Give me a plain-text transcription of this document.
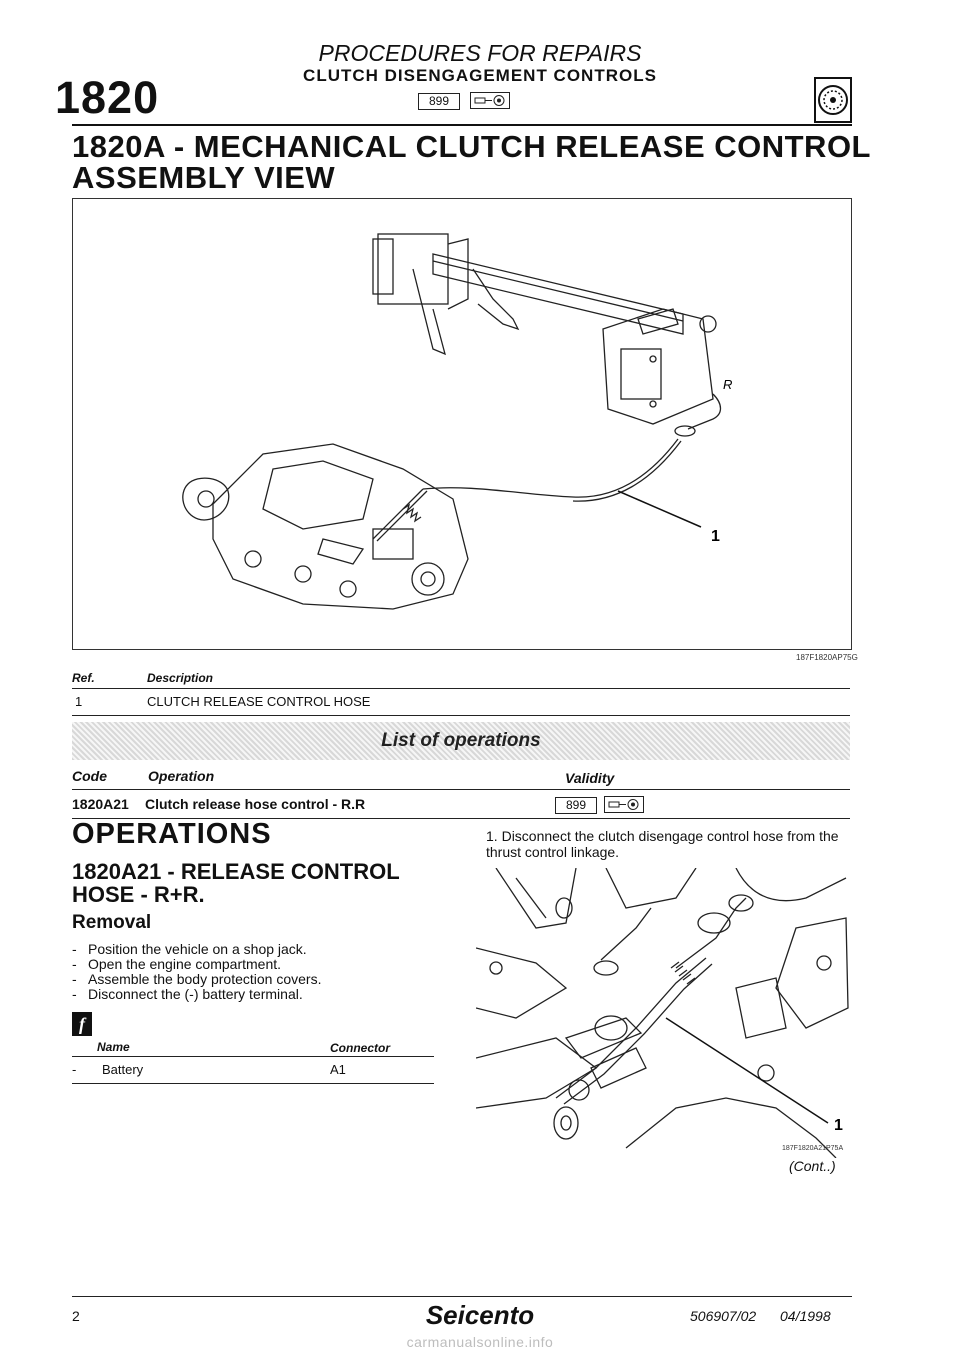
1820
PROCEDURES FOR REPAIRS
CLUTCH DISENGAGEMENT CONTROLS
899
1820A - MECHANICAL CLUTCH RELEASE CONTROL
ASSEMBLY VIEW
1
R
187F1820AP75G
Ref.	Description
1	CLUTCH RELEASE CONTROL HOSE
List of operations
Code	Operation	Validity
1820A21 Clutch release hose control - R.R	899
OPERATIONS
1820A21 - RELEASE CONTROL
HOSE - R+R.
Removal
- Position the vehicle on a shop jack.
- Open the engine compartment.
- Assemble the body protection covers.
- Disconnect the (-) battery terminal.
f
Name	Connector
- Battery	A1
1. Disconnect the clutch disengage control hose from the thrust control linkage.
1
187F1820A21P75A
(Cont..)
2	Seicento	506907/02 04/1998
carmanualsonline.info
